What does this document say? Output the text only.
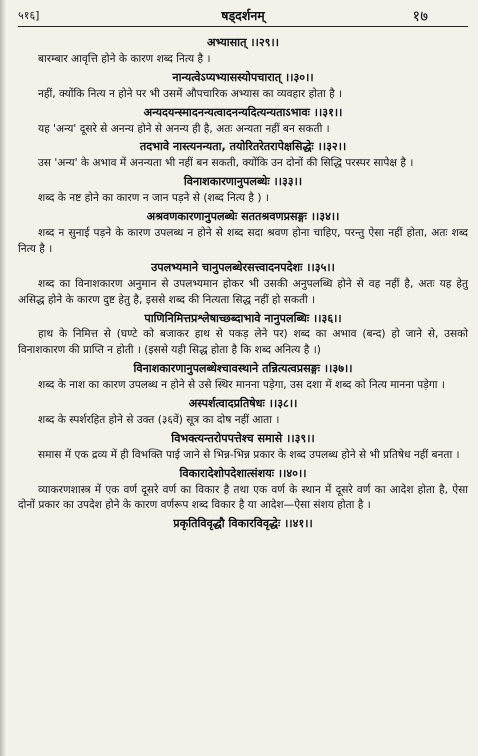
५१६]	षड्दर्शनम्	१७
अभ्यासात् ।।२९।।

बारम्बार आवृत्ति होने के कारण शब्द नित्य है ।

नान्यत्वेऽप्यभ्यासस्योपचारात् ।।३०।।

नहीं, क्योंकि नित्य न होने पर भी उसमें औपचारिक अभ्यास का व्यवहार होता है ।

अन्यदयन्स्मादनन्यत्वादनन्यदित्यन्यताऽभावः ।।३१।।

यह 'अन्य' दूसरे से अनन्य होने से अनन्य ही है, अतः अन्यता नहीं बन सकती ।

तदभावे नास्त्यनन्यता, तयोरितरेतरापेक्षसिद्धेः ।।३२।।

उस 'अन्य' के अभाव में अनन्यता भी नहीं बन सकती, क्योंकि उन दोनों की सिद्धि परस्पर सापेक्ष है ।

विनाशकारणानुपलब्धेः ।।३३।।

शब्द के नष्ट होने का कारण न जान पड़ने से (शब्द नित्य है ) ।

अश्रवणकारणानुपलब्धेः सततश्रवणप्रसङ्गः ।।३४।।

शब्द न सुनाई पड़ने के कारण उपलब्ध न होने से शब्द सदा श्रवण होना चाहिए, परन्तु ऐसा नहीं होता, अतः शब्द नित्य है ।

उपलभ्यमाने चानुपलब्धेरसत्त्वादनपदेशः ।।३५।।

शब्द का विनाशकारण अनुमान से उपलभ्यमान होकर भी उसकी अनुपलब्धि होने से वह नहीं है, अतः यह हेतु असिद्ध होने के कारण दुष्ट हेतु है, इससे शब्द की नित्यता सिद्ध नहीं हो सकती ।

पाणिनिमित्तप्रश्लेषाच्छब्दाभावे नानुपलब्धिः ।।३६।।

हाथ के निमित्त से (घण्टे को बजाकर हाथ से पकड़ लेने पर) शब्द का अभाव (बन्द) हो जाने से, उसको विनाशकारण की प्राप्ति न होती । (इससे यही सिद्ध होता है कि शब्द अनित्य है ।)

विनाशकारणानुपलब्धेश्चावस्थाने तन्नित्यत्वप्रसङ्गः ।।३७।।

शब्द के नाश का कारण उपलब्ध न होने से उसे स्थिर मानना पड़ेगा, उस दशा में शब्द को नित्य मानना पड़ेगा ।

अस्पर्शत्वादप्रतिषेधः ।।३८।।

शब्द के स्पर्शरहित होने से उक्त (३६वें) सूत्र का दोष नहीं आता ।

विभक्त्यन्तरोपपत्तेश्च समासे ।।३९।।

समास में एक द्रव्य में ही विभक्ति पाई जाने से भिन्न-भिन्न प्रकार के शब्द उपलब्ध होने से भी प्रतिषेध नहीं बनता ।

विकारादेशोपदेशात्संशयः ।।४०।।

व्याकरणशास्त्र में एक वर्ण दूसरे वर्ण का विकार है तथा एक वर्ण के स्थान में दूसरे वर्ण का आदेश होता है, ऐसा दोनों प्रकार का उपदेश होने के कारण वर्णरूप शब्द विकार है या आदेश—ऐसा संशय होता है ।

प्रकृतिविवृद्धौ विकारविवृद्धेः ।।४१।।
